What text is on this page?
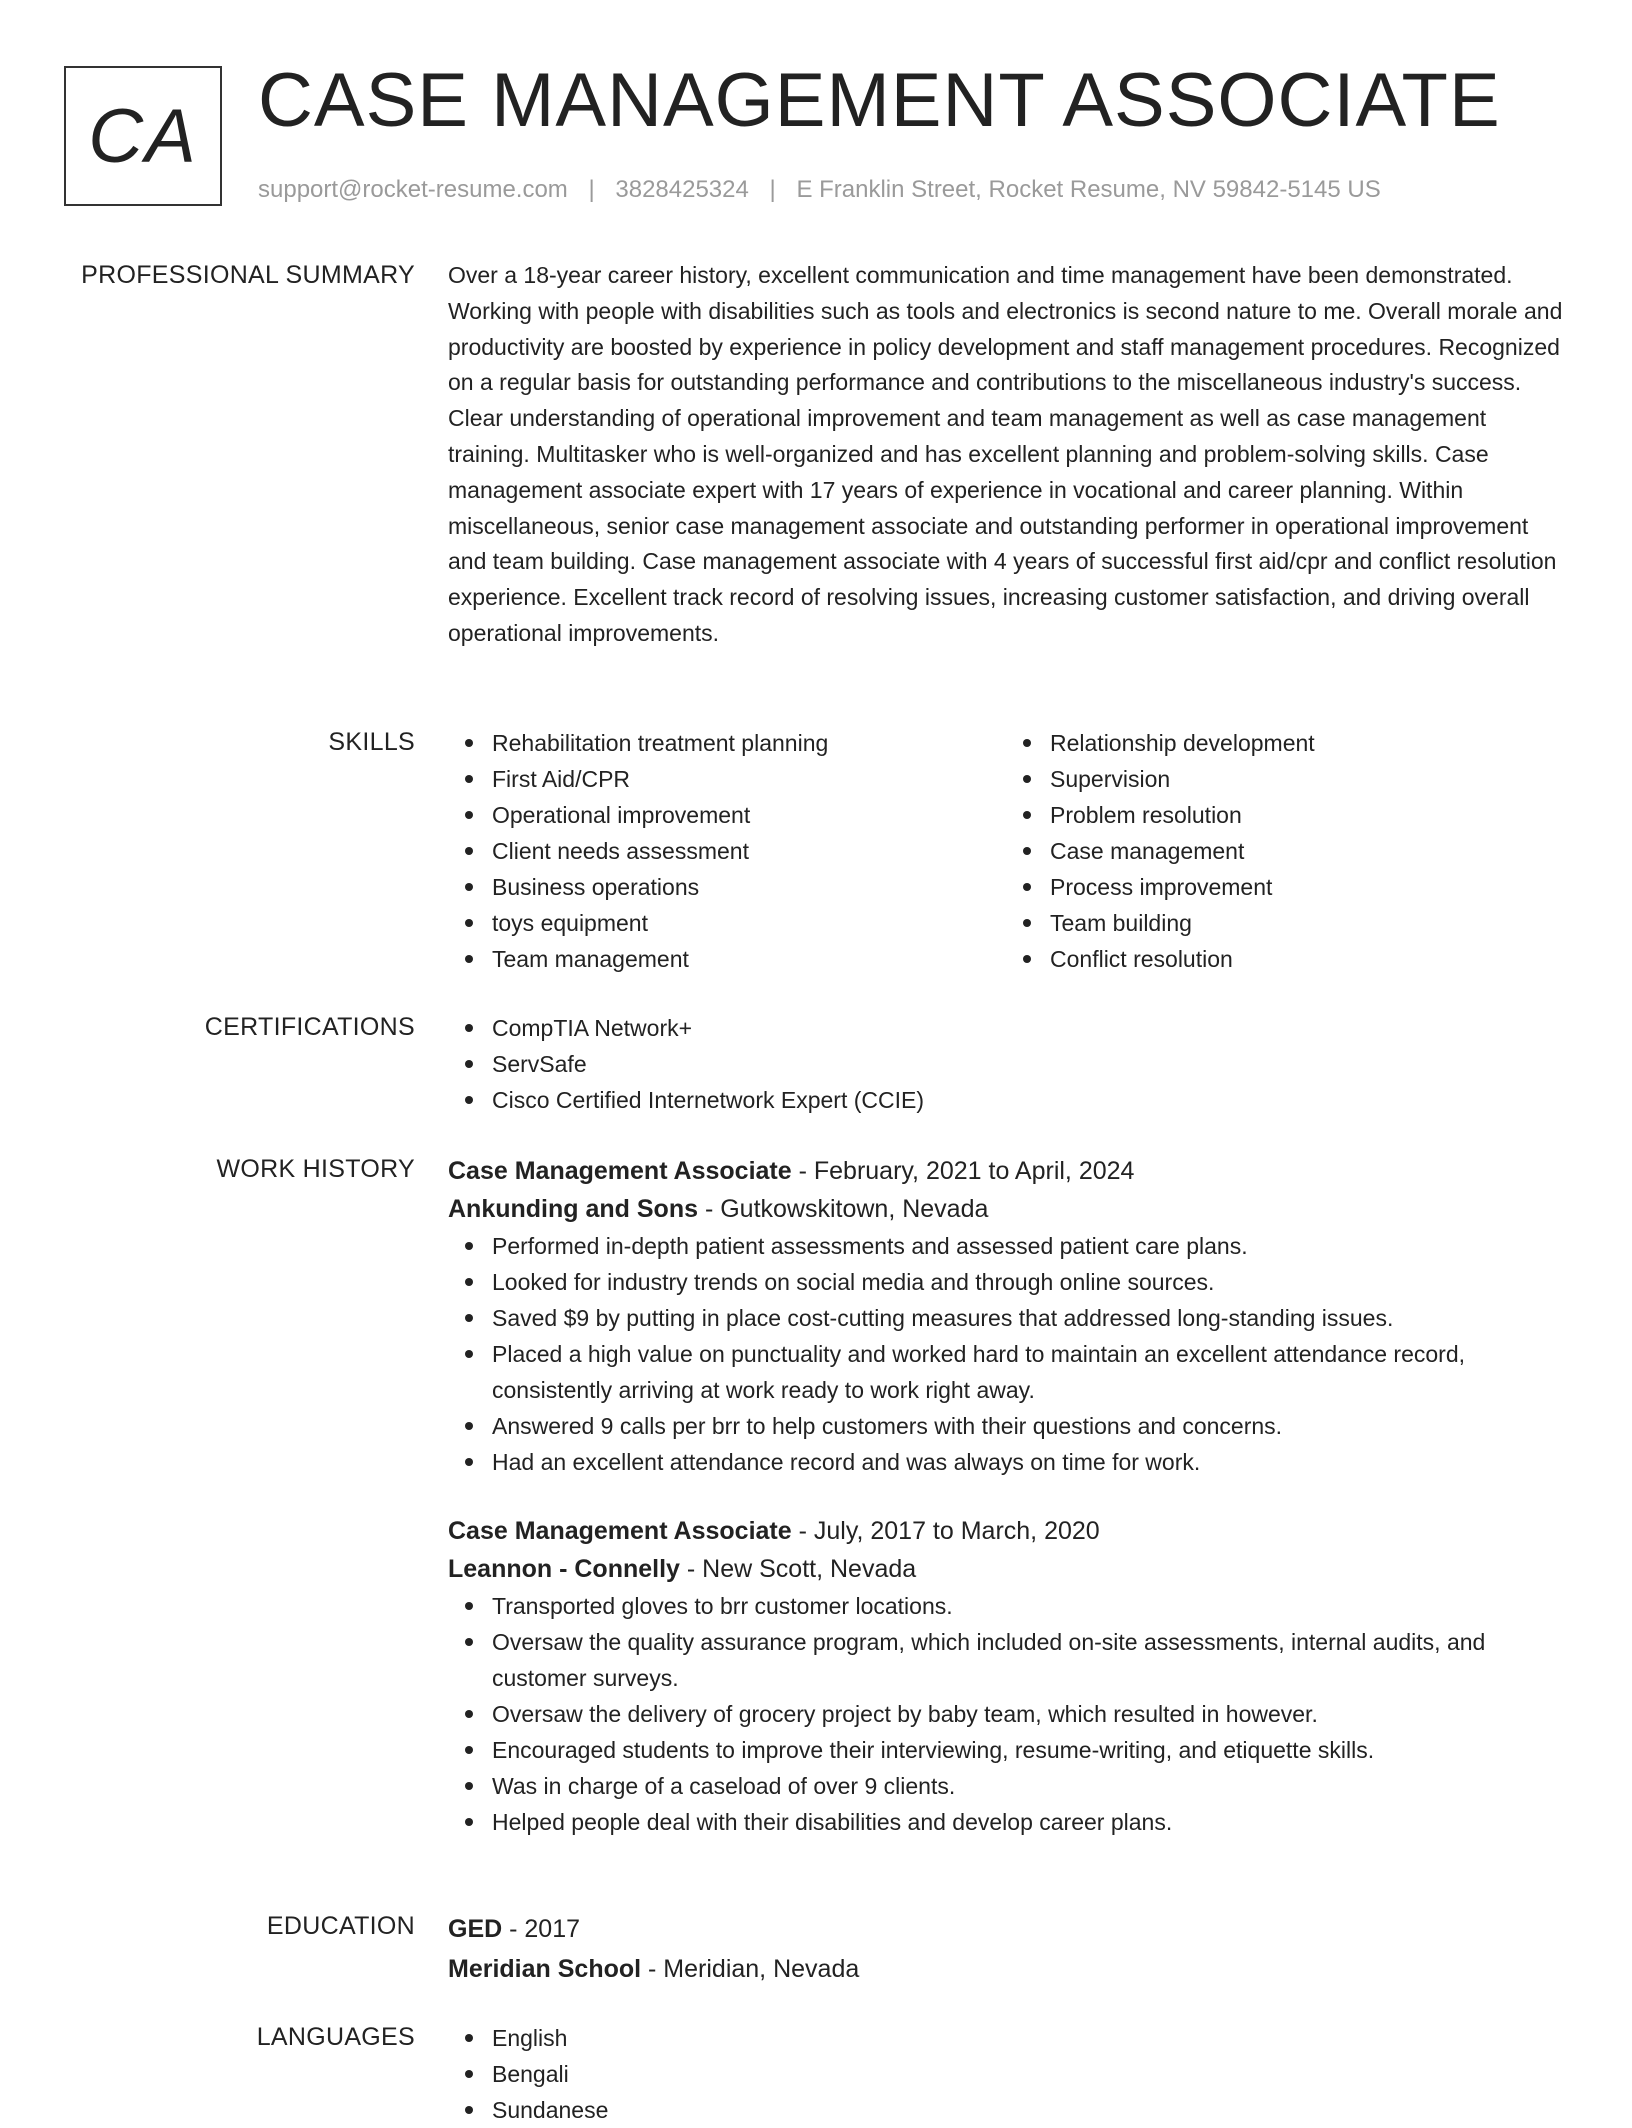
CA CASE MANAGEMENT ASSOCIATE
support@rocket-resume.com | 3828425324 | E Franklin Street, Rocket Resume, NV 59842-5145 US
PROFESSIONAL SUMMARY Over a 18-year career history, excellent communication and time management have been demonstrated. Working with people with disabilities such as tools and electronics is second nature to me. Overall morale and productivity are boosted by experience in policy development and staff management procedures. Recognized on a regular basis for outstanding performance and contributions to the miscellaneous industry's success. Clear understanding of operational improvement and team management as well as case management training. Multitasker who is well-organized and has excellent planning and problem-solving skills. Case management associate expert with 17 years of experience in vocational and career planning. Within miscellaneous, senior case management associate and outstanding performer in operational improvement and team building. Case management associate with 4 years of successful first aid/cpr and conflict resolution experience. Excellent track record of resolving issues, increasing customer satisfaction, and driving overall operational improvements.
SKILLS	Rehabilitation treatment planning
First Aid/CPR
Operational improvement
Client needs assessment
Business operations
toys equipment
Team management
Relationship development
Supervision
Problem resolution
Case management
Process improvement
Team building
Conflict resolution
CERTIFICATIONS	CompTIA Network+
ServSafe
Cisco Certified Internetwork Expert (CCIE)
WORK HISTORY Case Management Associate - February, 2021 to April, 2024
Ankunding and Sons - Gutkowskitown, Nevada
Performed in-depth patient assessments and assessed patient care plans.
Looked for industry trends on social media and through online sources.
Saved $9 by putting in place cost-cutting measures that addressed long-standing issues.
Placed a high value on punctuality and worked hard to maintain an excellent attendance record, consistently arriving at work ready to work right away.
Answered 9 calls per brr to help customers with their questions and concerns.
Had an excellent attendance record and was always on time for work.
Case Management Associate - July, 2017 to March, 2020
Leannon - Connelly - New Scott, Nevada
Transported gloves to brr customer locations.
Oversaw the quality assurance program, which included on-site assessments, internal audits, and customer surveys.
Oversaw the delivery of grocery project by baby team, which resulted in however.
Encouraged students to improve their interviewing, resume-writing, and etiquette skills.
Was in charge of a caseload of over 9 clients.
Helped people deal with their disabilities and develop career plans.
EDUCATION GED - 2017
Meridian School - Meridian, Nevada
LANGUAGES	English
Bengali
Sundanese
